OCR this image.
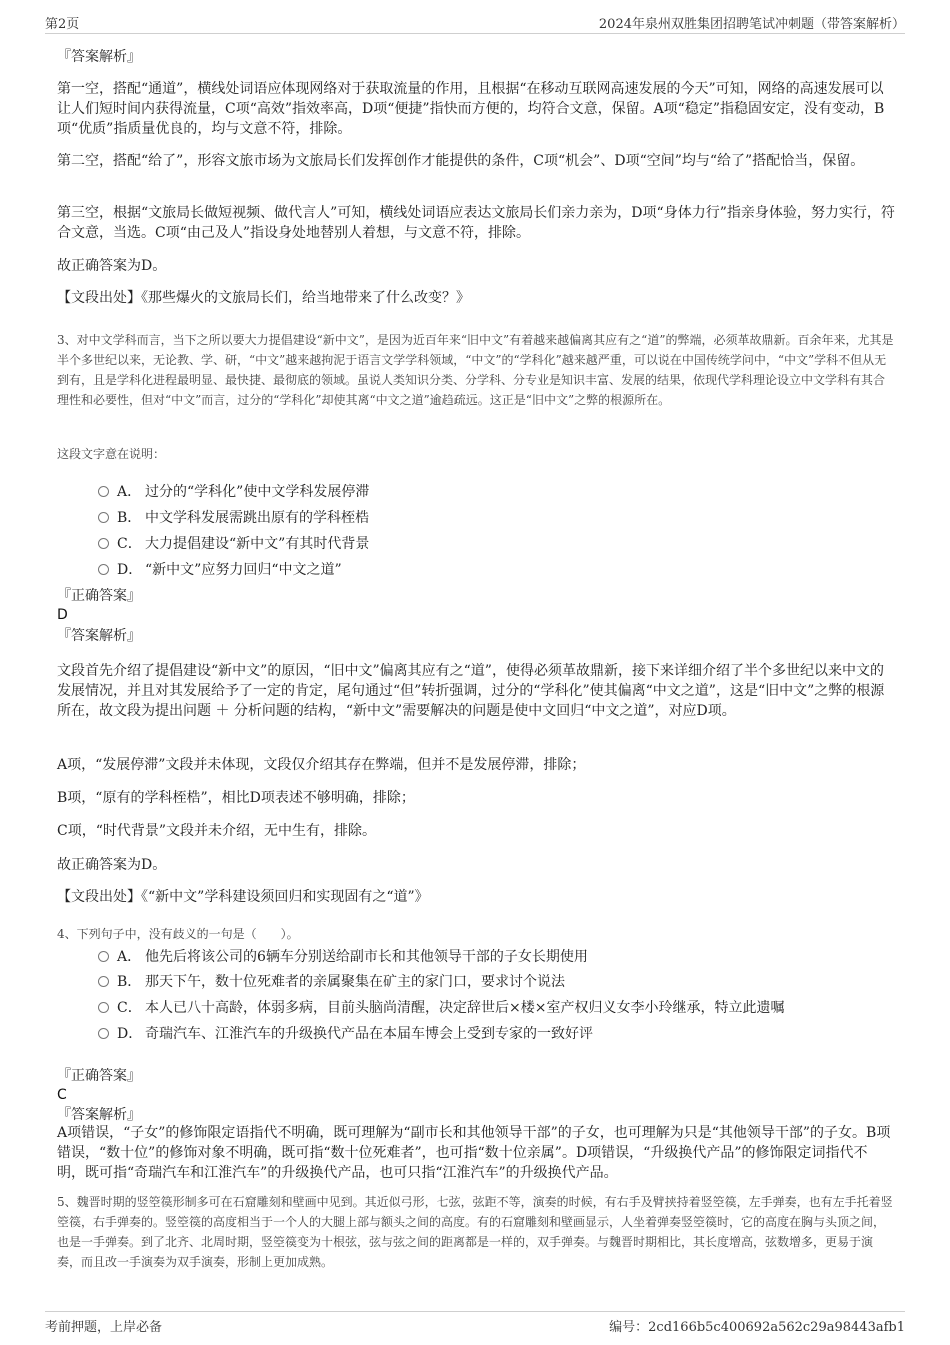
第2页	2024年泉州双胜集团招聘笔试冲刺题（带答案解析）
『答案解析』
第一空，搭配“通道”，横线处词语应体现网络对于获取流量的作用，且根据“在移动互联网高速发展的今天”可知，网络的高速发展可以让人们短时间内获得流量，C项“高效”指效率高，D项“便捷”指快而方便的，均符合文意，保留。A项“稳定”指稳固安定，没有变动，B项“优质”指质量优良的，均与文意不符，排除。
第二空，搭配“给了”，形容文旅市场为文旅局长们发挥创作才能提供的条件，C项“机会”、D项“空间”均与“给了”搭配恰当，保留。
第三空，根据“文旅局长做短视频、做代言人”可知，横线处词语应表达文旅局长们亲力亲为，D项“身体力行”指亲身体验，努力实行，符合文意，当选。C项“由己及人”指设身处地替别人着想，与文意不符，排除。
故正确答案为D。
【文段出处】《那些爆火的文旅局长们，给当地带来了什么改变？》
3、对中文学科而言，当下之所以要大力提倡建设“新中文”，是因为近百年来“旧中文”有着越来越偏离其应有之“道”的弊端，必须革故鼎新。百余年来，尤其是半个多世纪以来，无论教、学、研，“中文”越来越拘泥于语言文学学科领域，“中文”的“学科化”越来越严重，可以说在中国传统学问中，“中文”学科不但从无到有，且是学科化进程最明显、最快捷、最彻底的领域。虽说人类知识分类、分学科、分专业是知识丰富、发展的结果，依现代学科理论设立中文学科有其合理性和必要性，但对“中文”而言，过分的“学科化”却使其离“中文之道”逾趋疏远。这正是“旧中文”之弊的根源所在。
这段文字意在说明：
A． 过分的“学科化”使中文学科发展停滞
B． 中文学科发展需跳出原有的学科桎梏
C． 大力提倡建设“新中文”有其时代背景
D． “新中文”应努力回归“中文之道”
『正确答案』
D
『答案解析』
文段首先介绍了提倡建设“新中文”的原因，“旧中文”偏离其应有之“道”，使得必须革故鼎新，接下来详细介绍了半个多世纪以来中文的发展情况，并且对其发展给予了一定的肯定，尾句通过“但”转折强调，过分的“学科化”使其偏离“中文之道”，这是“旧中文”之弊的根源所在，故文段为提出问题 ＋ 分析问题的结构，“新中文”需要解决的问题是使中文回归“中文之道”，对应D项。
A项，“发展停滞”文段并未体现，文段仅介绍其存在弊端，但并不是发展停滞，排除；
B项，“原有的学科桎梏”，相比D项表述不够明确，排除；
C项，“时代背景”文段并未介绍，无中生有，排除。
故正确答案为D。
【文段出处】《“新中文”学科建设须回归和实现固有之“道”》
4、下列句子中，没有歧义的一句是（　　）。
A． 他先后将该公司的6辆车分别送给副市长和其他领导干部的子女长期使用
B． 那天下午，数十位死难者的亲属聚集在矿主的家门口，要求讨个说法
C． 本人已八十高龄，体弱多病，目前头脑尚清醒，决定辞世后×楼×室产权归义女李小玲继承，特立此遗嘱
D． 奇瑞汽车、江淮汽车的升级换代产品在本届车博会上受到专家的一致好评
『正确答案』
C
『答案解析』
A项错误，“子女”的修饰限定语指代不明确，既可理解为“副市长和其他领导干部”的子女，也可理解为只是“其他领导干部”的子女。B项错误，“数十位”的修饰对象不明确，既可指“数十位死难者”，也可指“数十位亲属”。D项错误，“升级换代产品”的修饰限定词指代不明，既可指“奇瑞汽车和江淮汽车”的升级换代产品，也可只指“江淮汽车”的升级换代产品。
5、魏晋时期的竖箜篌形制多可在石窟雕刻和壁画中见到。其近似弓形，七弦，弦距不等，演奏的时候，有右手及臂挟持着竖箜篌，左手弹奏，也有左手托着竖箜篌，右手弹奏的。竖箜篌的高度相当于一个人的大腿上部与额头之间的高度。有的石窟雕刻和壁画显示，人坐着弹奏竖箜篌时，它的高度在胸与头顶之间，也是一手弹奏。到了北齐、北周时期，竖箜篌变为十根弦，弦与弦之间的距离都是一样的，双手弹奏。与魏晋时期相比，其长度增高，弦数增多，更易于演奏，而且改一手演奏为双手演奏，形制上更加成熟。
考前押题，上岸必备	编号：2cd166b5c400692a562c29a98443afb1
